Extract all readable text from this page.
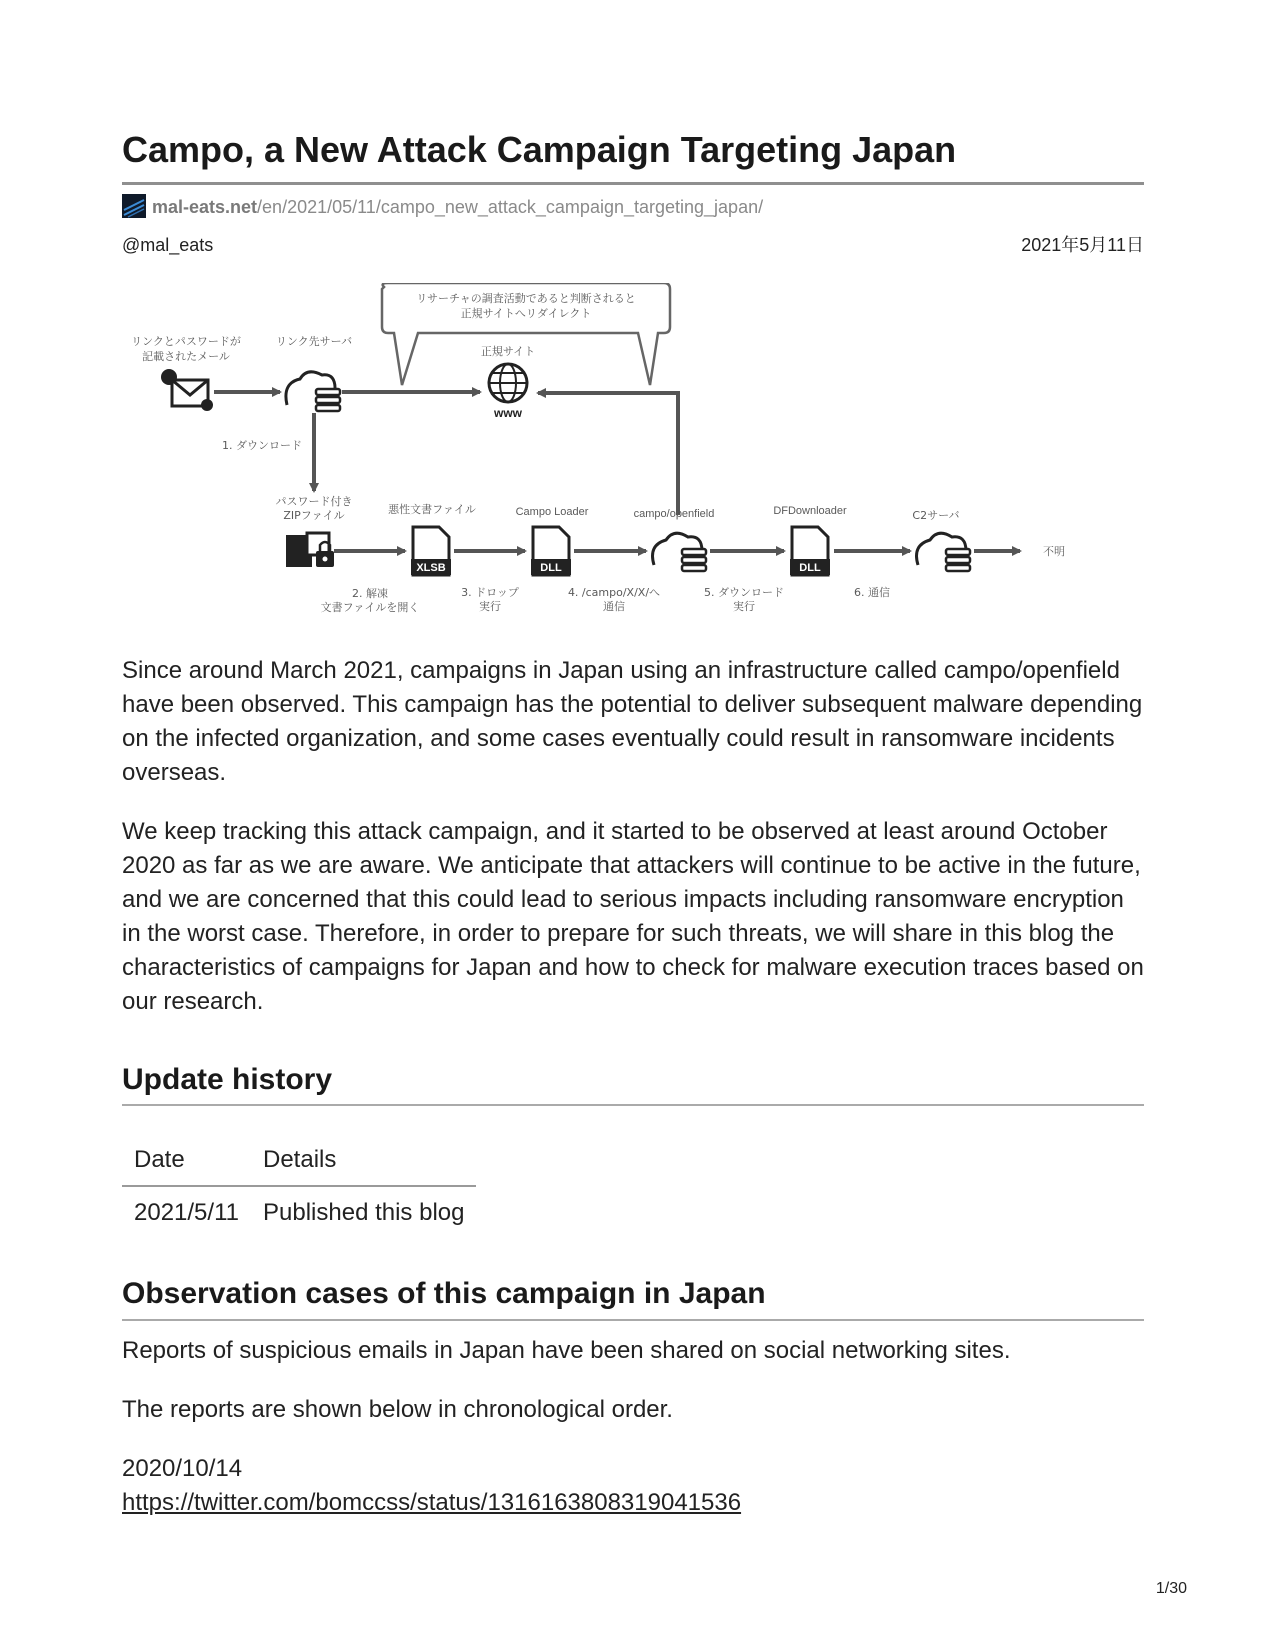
Campo, a New Attack Campaign Targeting Japan
mal-eats.net/en/2021/05/11/campo_new_attack_campaign_targeting_japan/
@mal_eats	2021年5月11日
リサーチャの調査活動であると判断されると
正規サイトへリダイレクト
リンクとパスワードが
記載されたメール
リンク先サーバ
正規サイト
www
1. ダウンロード
パスワード付き
ZIPファイル	悪性文書ファイル	Campo Loader	campo/openfield	DFDownloader	C2サーバ
XLSB	DLL	DLL
不明
2. 解凍
文書ファイルを開く
3. ドロップ
実行
4. /campo/X/X/へ
通信
5. ダウンロード
実行
6. 通信

Since around March 2021, campaigns in Japan using an infrastructure called campo/openfield have been observed. This campaign has the potential to deliver subsequent malware depending on the infected organization, and some cases eventually could result in ransomware incidents overseas.

We keep tracking this attack campaign, and it started to be observed at least around October 2020 as far as we are aware. We anticipate that attackers will continue to be active in the future, and we are concerned that this could lead to serious impacts including ransomware encryption in the worst case. Therefore, in order to prepare for such threats, we will share in this blog the characteristics of campaigns for Japan and how to check for malware execution traces based on our research.

Update history
Date	Details
2021/5/11	Published this blog
Observation cases of this campaign in Japan
Reports of suspicious emails in Japan have been shared on social networking sites.
The reports are shown below in chronological order.
2020/10/14
https://twitter.com/bomccss/status/1316163808319041536
1/30
